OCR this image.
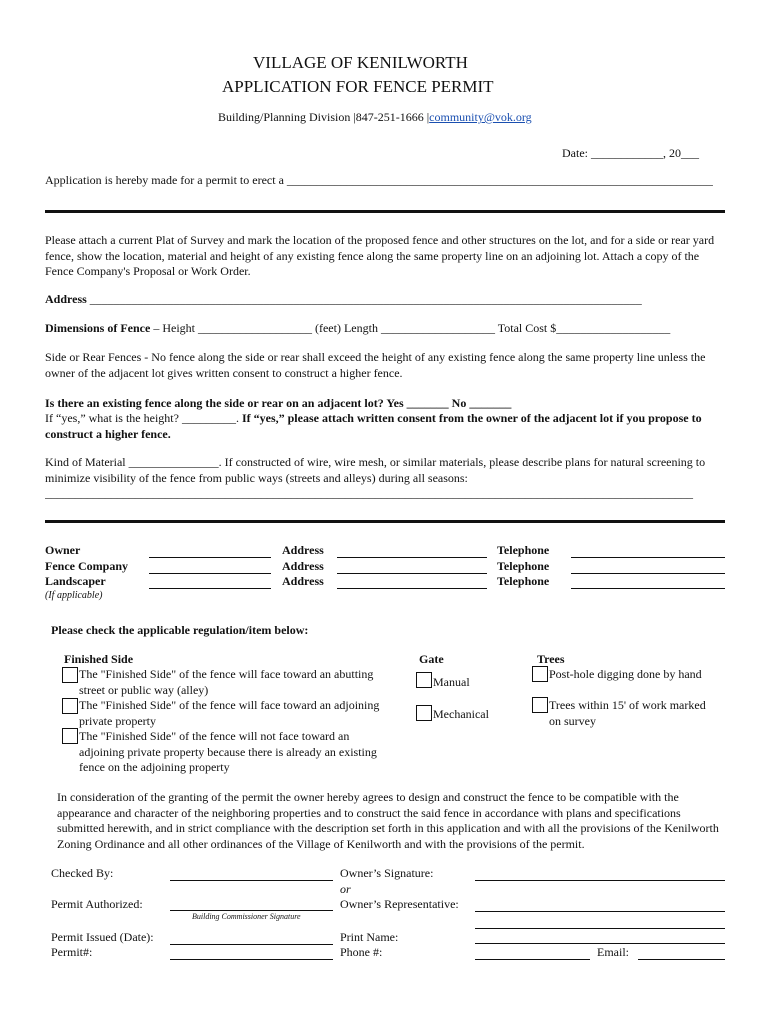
VILLAGE OF KENILWORTH
APPLICATION FOR FENCE PERMIT
Building/Planning Division |847-251-1666 |community@vok.org
Date: ____________, 20___
Application is hereby made for a permit to erect a _______________________________________________________________________
Please attach a current Plat of Survey and mark the location of the proposed fence and other structures on the lot, and for a side or rear yard fence, show the location, material and height of any existing fence along the same property line on an adjoining lot. Attach a copy of the Fence Company's Proposal or Work Order.
Address ____________________________________________________________________________________________
Dimensions of Fence – Height ___________________ (feet) Length ___________________ Total Cost $___________________
Side or Rear Fences - No fence along the side or rear shall exceed the height of any existing fence along the same property line unless the owner of the adjacent lot gives written consent to construct a higher fence.
Is there an existing fence along the side or rear on an adjacent lot? Yes _______ No _______
If “yes,” what is the height? _________. If “yes,” please attach written consent from the owner of the adjacent lot if you propose to construct a higher fence.
Kind of Material _______________. If constructed of wire, wire mesh, or similar materials, please describe plans for natural screening to minimize visibility of the fence from public ways (streets and alleys) during all seasons:
____________________________________________________________________________________________________________
Owner
Fence Company
Landscaper
(If applicable)
Address
Address
Address
Telephone
Telephone
Telephone
Please check the applicable regulation/item below:
Finished Side
The "Finished Side" of the fence will face toward an abutting street or public way (alley)
The "Finished Side" of the fence will face toward an adjoining private property
The "Finished Side" of the fence will not face toward an adjoining private property because there is already an existing fence on the adjoining property
Gate
Manual
Mechanical
Trees
Post-hole digging done by hand
Trees within 15' of work marked on survey
In consideration of the granting of the permit the owner hereby agrees to design and construct the fence to be compatible with the appearance and character of the neighboring properties and to construct the said fence in accordance with plans and specifications submitted herewith, and in strict compliance with the description set forth in this application and with all the provisions of the Kenilworth Zoning Ordinance and all other ordinances of the Village of Kenilworth and with the provisions of the permit.
Checked By:
Permit Authorized:
Building Commissioner Signature
Permit Issued (Date):
Permit#:
Owner’s Signature:
or
Owner’s Representative:
Print Name:
Phone #:	Email:
